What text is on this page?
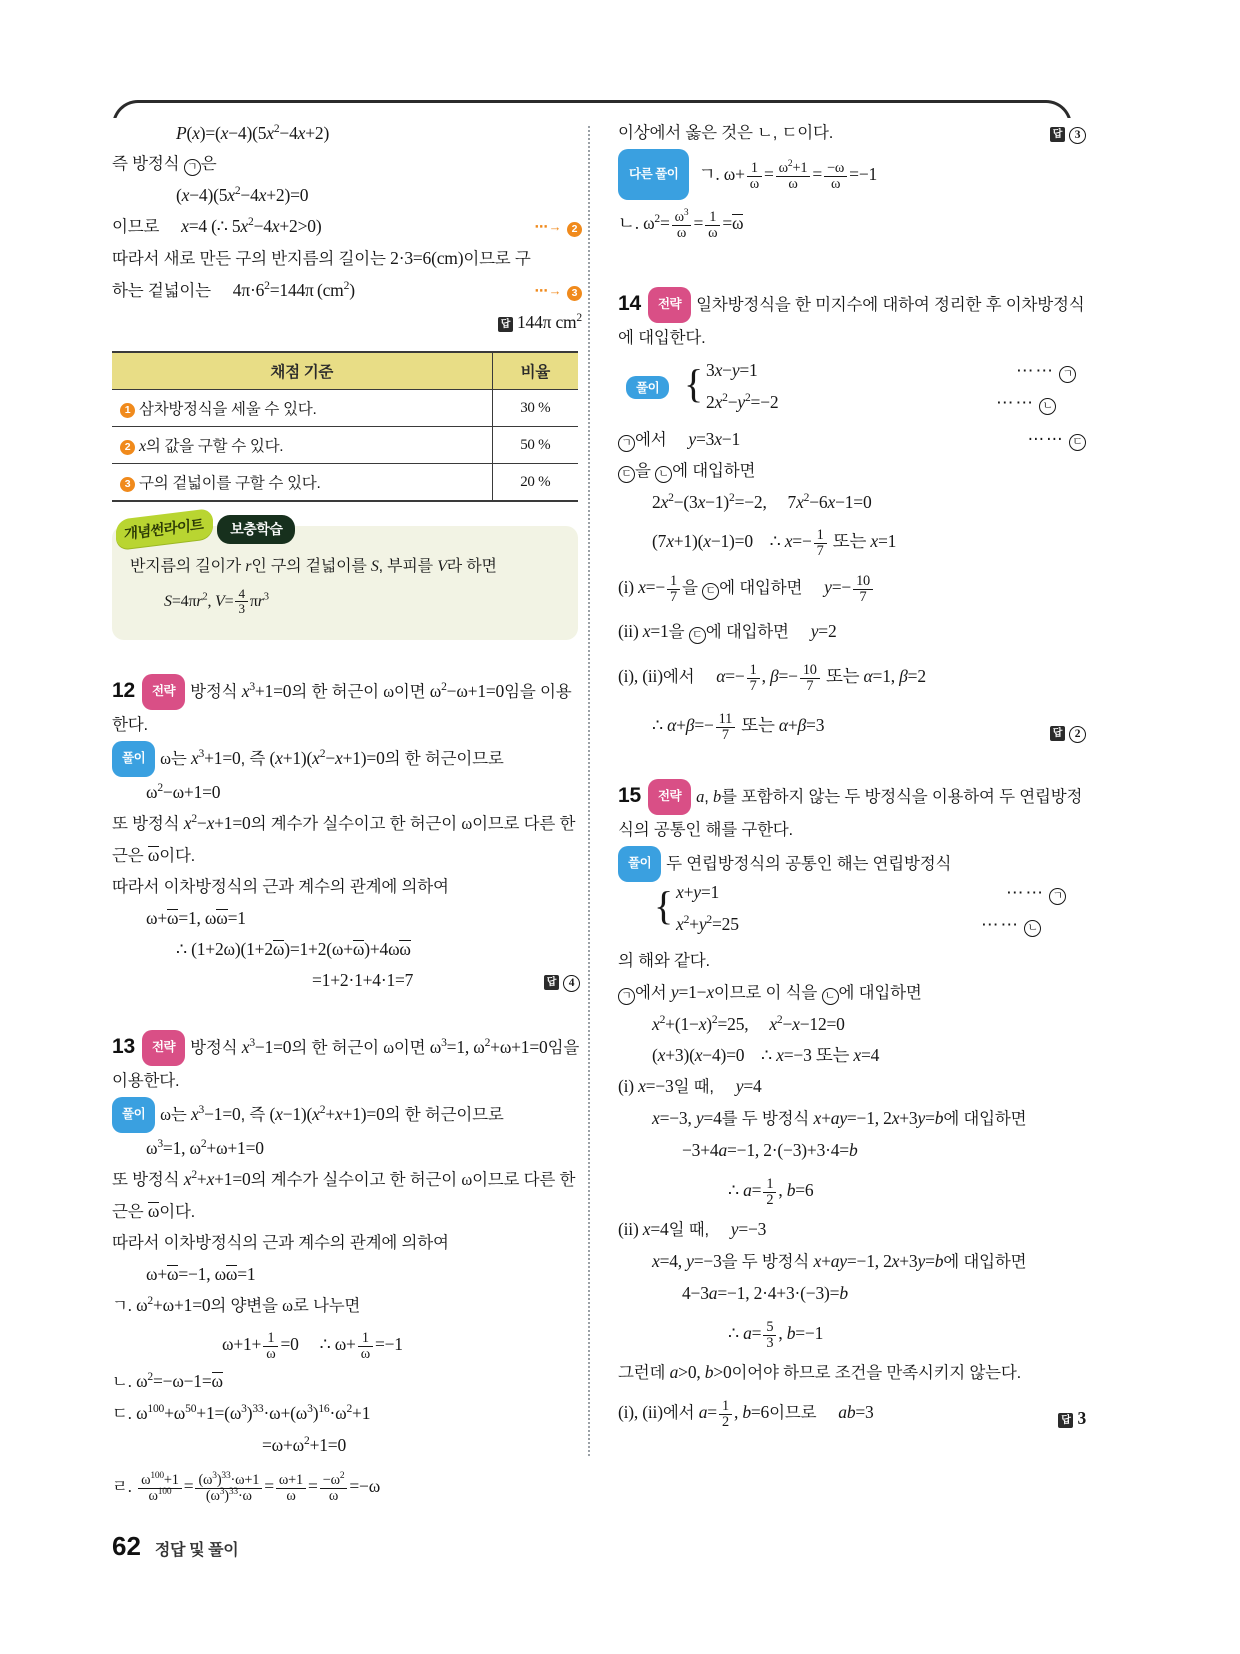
$P(x)=(x-4)(5x^2-4x+2)$
즉 방정식 ㄱ 은
$(x-4)(5x^2-4x+2)=0$
이므로     x=4 (∴⁣ $5x^2-4x+2>0$)	⋯→ 2
따라서 새로 만든 구의 반지름의 길이는 2·3=6(cm)이므로 구
하는 겉넓이는     $4\pi\cdot 6^2=144\pi$ $(cm^2)$	⋯→ 3
답 144π $cm^2$
채점 기준	비율
1 삼차방정식을 세울 수 있다.	30 %
2 x의 값을 구할 수 있다.	50 %
3 구의 겉넓이를 구할 수 있다.	20 %
개념썬라이트	보충학습
반지름의 길이가 r인 구의 겉넓이를 S, 부피를 V라 하면
$S=4\pi r^2$, $V= \frac{4}{3} \pi r^3$
12 전략 방정식 $x^3+1=0$의 한 허근이 ω이면 $\omega^2-\omega+1=0$임을 이용한다.
풀이 ω는 $x^3+1=0$, 즉 $(x+1)(x^2-x+1)=0$의 한 허근이므로
$\omega^2-\omega+1=0$
또 방정식 $x^2-x+1=0$의 계수가 실수이고 한 허근이 ω이므로 다른 한 근은 ω이다.
따라서 이차방정식의 근과 계수의 관계에 의하여
ω+ω=1, ωω=1
∴ (1+2ω)(1+2ω)=1+2(ω+ω)+4ωω
=1+2·1+4·1=7	답 4
13 전략 방정식 $x^3-1=0$의 한 허근이 ω이면 $\omega^3=1$, $\omega^2+\omega+1=0$임을 이용한다.
풀이 ω는 $x^3-1=0$, 즉 $(x-1)(x^2+x+1)=0$의 한 허근이므로
$\omega^3=1$, $\omega^2+\omega+1=0$
또 방정식 $x^2+x+1=0$의 계수가 실수이고 한 허근이 ω이므로 다른 한 근은 ω이다.
따라서 이차방정식의 근과 계수의 관계에 의하여
ω+ω=−1, ωω=1
ㄱ. $\omega^2+\omega+1=0$의 양변을 ω로 나누면
$\omega+1+ \frac{1}{\omega} =0$     ∴ $\omega+ \frac{1}{\omega} =-1$
ㄴ. $\omega^2=-\omega-1=\omega$
ㄷ. $\omega^{100}+\omega^{50}+1=(\omega^3)^{33}\cdot\omega+(\omega^3)^{16}\cdot\omega^2+1$
$=\omega+\omega^2+1=0$
ㄹ. $\frac{\omega^{100}+1}{\omega^{100}} = \frac{(\omega^3)^{33}\cdot\omega+1}{(\omega^3)^{33}\cdot\omega} = \frac{\omega+1}{\omega} = \frac{-\omega^2}{\omega} =-\omega$
이상에서 옳은 것은 ㄴ, ㄷ이다.	답 3
다른 풀이 ㄱ. $\omega+ \frac{1}{\omega} = \frac{\omega^2+1}{\omega} = \frac{-\omega}{\omega} =-1$
ㄴ. $\omega^2= \frac{\omega^3}{\omega} = \frac{1}{\omega} =\omega$
14 전략 일차방정식을 한 미지수에 대하여 정리한 후 이차방정식에 대입한다.
풀이 { 3x−y=1	⋯⋯ ㄱ
$2x^2-y^2=-2$	⋯⋯ ㄴ
ㄱ 에서     y=3x−1	⋯⋯ ㄷ
ㄷ 을 ㄴ 에 대입하면
$2x^2-(3x-1)^2=-2$,     $7x^2-6x-1=0$
(7x+1)(x−1)=0    ∴ $x=- \frac{1}{7}$ 또는 x=1
(i) $x=- \frac{1}{7}$ 을 ㄷ 에 대입하면     $y=- \frac{10}{7}$
(ii) x=1을 ㄷ 에 대입하면     y=2
(i), (ii)에서     $\alpha=- \frac{1}{7}$ , $\beta=- \frac{10}{7}$ 또는 α=1, β=2
∴ $\alpha+\beta=- \frac{11}{7}$ 또는 α+β=3	답 2
15 전략 a, b를 포함하지 않는 두 방정식을 이용하여 두 연립방정식의 공통인 해를 구한다.
풀이 두 연립방정식의 공통인 해는 연립방정식
{ x+y=1	⋯⋯ ㄱ
$x^2+y^2=25$	⋯⋯ ㄴ
의 해와 같다.
ㄱ 에서 y=1−x이므로 이 식을 ㄴ 에 대입하면
$x^2+(1-x)^2=25$,     $x^2-x-12=0$
(x+3)(x−4)=0    ∴ x=−3 또는 x=4
(i) x=−3일 때,     y=4
x=−3, y=4를 두 방정식 x+ay=−1, 2x+3y=b에 대입하면
−3+4a=−1, 2·(−3)+3·4=b
∴ $a= \frac{1}{2}$ , b=6
(ii) x=4일 때,     y=−3
x=4, y=−3을 두 방정식 x+ay=−1, 2x+3y=b에 대입하면
4−3a=−1, 2·4+3·(−3)=b
∴ $a= \frac{5}{3}$ , b=−1
그런데 a>0, b>0이어야 하므로 조건을 만족시키지 않는다.
(i), (ii)에서 $a= \frac{1}{2}$ , b=6이므로     ab=3	답 3
62 정답 및 풀이
